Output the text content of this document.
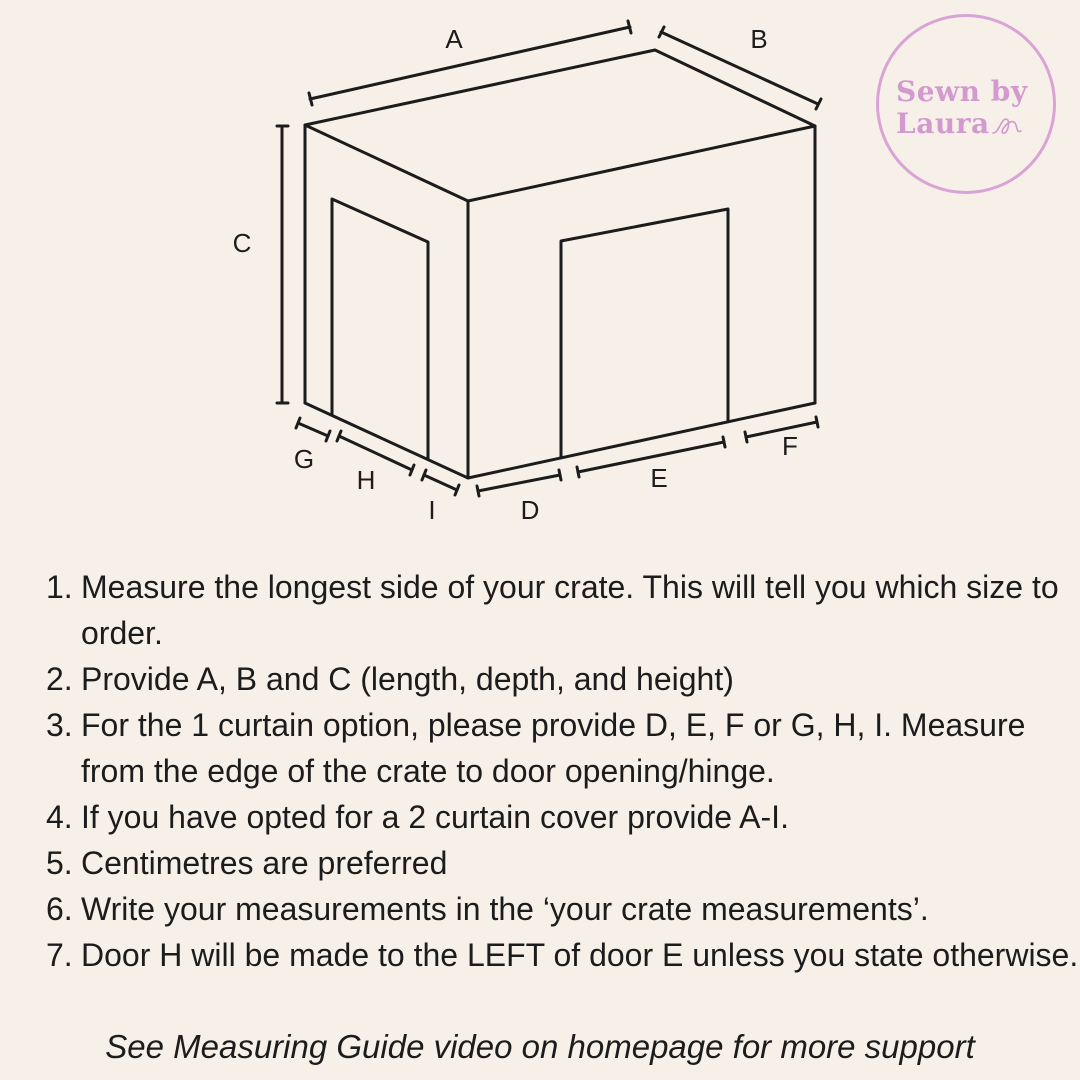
A	B
C
D
E
F
G
H
I
Sewn by
Laura
1. Measure the longest side of your crate. This will tell you which size to order.
2. Provide A, B and C (length, depth, and height)
3. For the 1 curtain option, please provide D, E, F or G, H, I. Measure from the edge of the crate to door opening/hinge.
4. If you have opted for a 2 curtain cover provide A-I.
5. Centimetres are preferred
6. Write your measurements in the ‘your crate measurements’.
7. Door H will be made to the LEFT of door E unless you state otherwise.
See Measuring Guide video on homepage for more support
